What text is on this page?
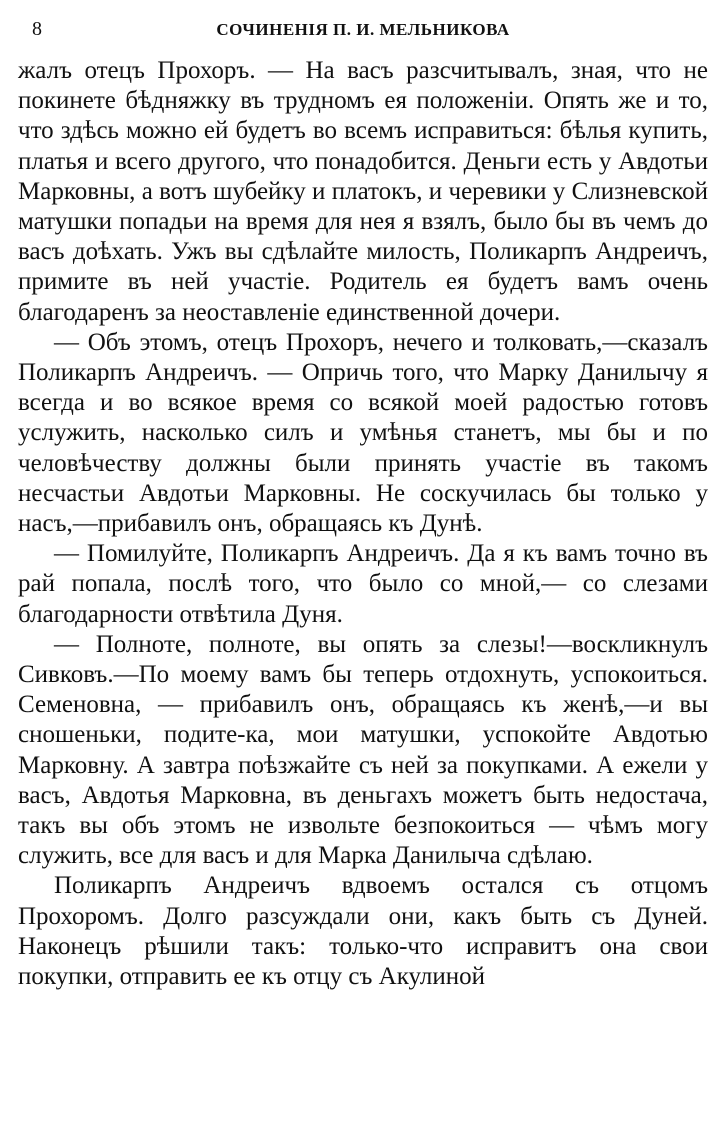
8	СОЧИНЕНІЯ П. И. МЕЛЬНИКОВА

жалъ отецъ Прохоръ. — На васъ разсчитывалъ, зная, что не покинете бѣдняжку въ трудномъ ея положеніи. Опять же и то, что здѣсь можно ей будетъ во всемъ исправиться: бѣлья купить, платья и всего другого, что понадобится. Деньги есть у Авдотьи Марковны, а вотъ шубейку и платокъ, и черевики у Слизневской матушки попадьи на время для нея я взялъ, было бы въ чемъ до васъ доѣхать. Ужъ вы сдѣлайте милость, Поликарпъ Андреичъ, примите въ ней участіе. Родитель ея будетъ вамъ очень благодаренъ за неоставленіе единственной дочери.

— Объ этомъ, отецъ Прохоръ, нечего и толковать,—сказалъ Поликарпъ Андреичъ. — Опричь того, что Марку Данилычу я всегда и во всякое время со всякой моей радостью готовъ услужить, насколько силъ и умѣнья станетъ, мы бы и по человѣчеству должны были принять участіе въ такомъ несчастьи Авдотьи Марковны. Не соскучилась бы только у насъ,—прибавилъ онъ, обращаясь къ Дунѣ.

— Помилуйте, Поликарпъ Андреичъ. Да я къ вамъ точно въ рай попала, послѣ того, что было со мной,— со слезами благодарности отвѣтила Дуня.

— Полноте, полноте, вы опять за слезы!—воскликнулъ Сивковъ.—По моему вамъ бы теперь отдохнуть, успокоиться. Семеновна, — прибавилъ онъ, обращаясь къ женѣ,—и вы сношеньки, подите-ка, мои матушки, успокойте Авдотью Марковну. А завтра поѣзжайте съ ней за покупками. А ежели у васъ, Авдотья Марковна, въ деньгахъ можетъ быть недостача, такъ вы объ этомъ не извольте безпокоиться — чѣмъ могу служить, все для васъ и для Марка Данилыча сдѣлаю.

Поликарпъ Андреичъ вдвоемъ остался съ отцомъ Прохоромъ. Долго разсуждали они, какъ быть съ Дуней. Наконецъ рѣшили такъ: только-что исправитъ она свои покупки, отправить ее къ отцу съ Акулиной
